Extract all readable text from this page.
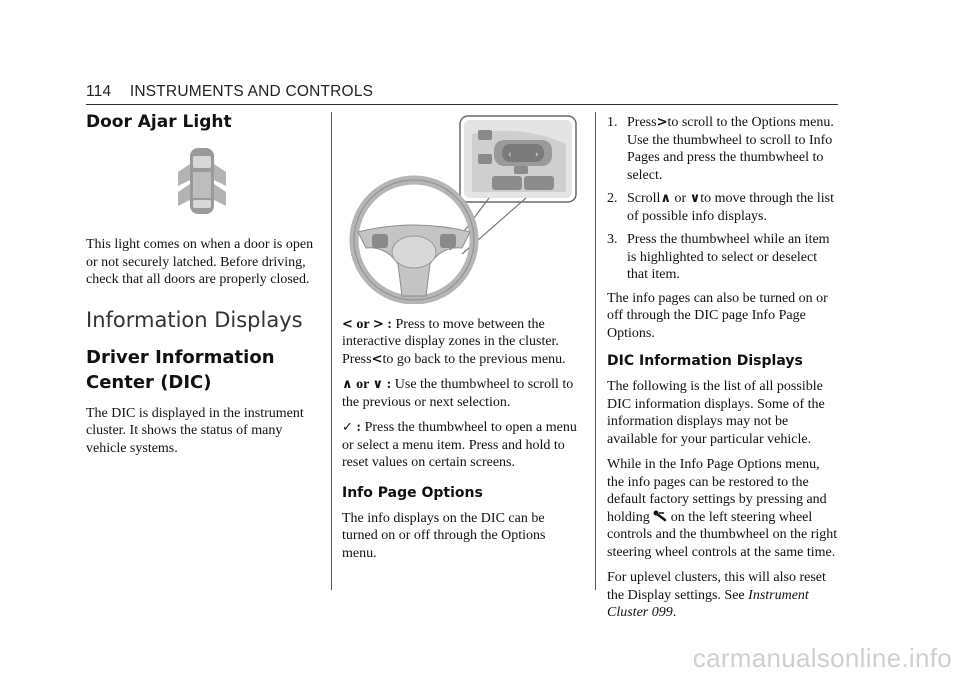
114 INSTRUMENTS AND CONTROLS
Door Ajar Light

This light comes on when a door is open or not securely latched. Before driving, check that all doors are properly closed.

Information Displays
Driver Information Center (DIC)

The DIC is displayed in the instrument cluster. It shows the status of many vehicle systems.

‹	›

< or > : Press to move between the interactive display zones in the cluster. Press<to go back to the previous menu.

∧ or ∨ : Use the thumbwheel to scroll to the previous or next selection.

✓ : Press the thumbwheel to open a menu or select a menu item. Press and hold to reset values on certain screens.

Info Page Options

The info displays on the DIC can be turned on or off through the Options menu.

1. Press>to scroll to the Options menu. Use the thumbwheel to scroll to Info Pages and press the thumbwheel to select.
2. Scroll∧ or ∨to move through the list of possible info displays.
3. Press the thumbwheel while an item is highlighted to select or deselect that item.

The info pages can also be turned on or off through the DIC page Info Page Options.

DIC Information Displays

The following is the list of all possible DIC information displays. Some of the information displays may not be available for your particular vehicle.

While in the Info Page Options menu, the info pages can be restored to the default factory settings by pressing and holding on the left steering wheel controls and the thumbwheel on the right steering wheel controls at the same time.

For uplevel clusters, this will also reset the Display settings. See Instrument Cluster 099.

carmanualsonline.info
